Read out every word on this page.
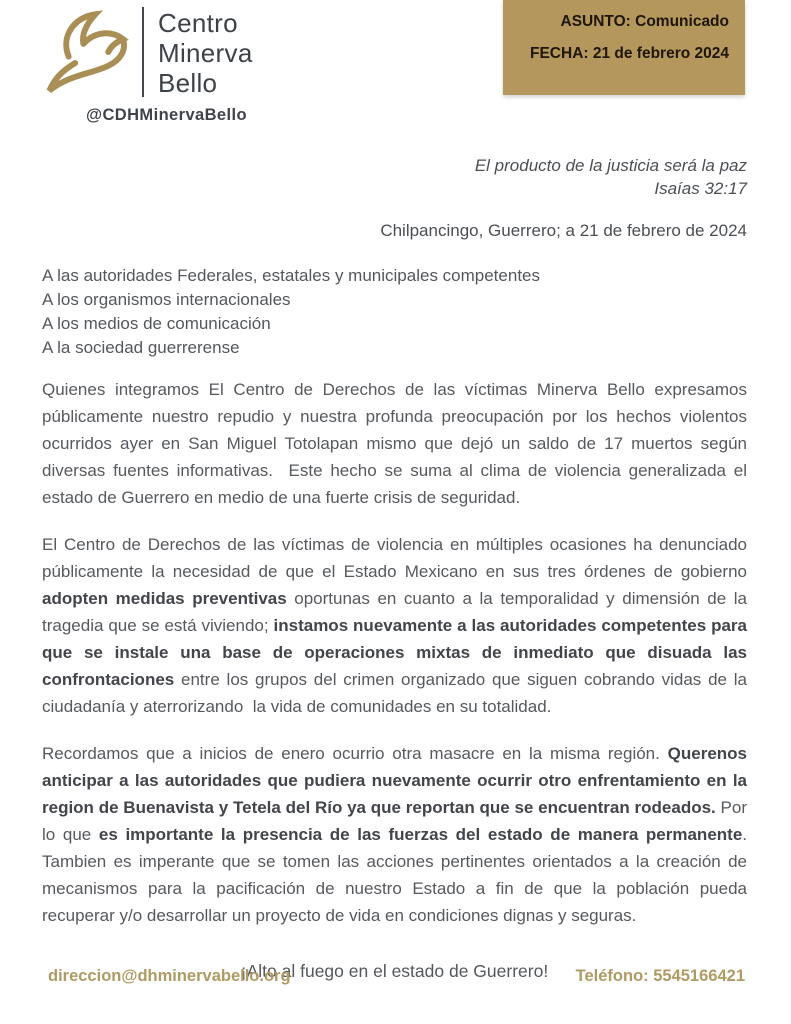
Centro
Minerva
Bello
@CDHMinervaBello
ASUNTO: Comunicado
FECHA: 21 de febrero 2024
El producto de la justicia será la paz
Isaías 32:17
Chilpancingo, Guerrero; a 21 de febrero de 2024
A las autoridades Federales, estatales y municipales competentes
A los organismos internacionales
A los medios de comunicación
A la sociedad guerrerense

Quienes integramos El Centro de Derechos de las víctimas Minerva Bello expresamos públicamente nuestro repudio y nuestra profunda preocupación por los hechos violentos ocurridos ayer en San Miguel Totolapan mismo que dejó un saldo de 17 muertos según diversas fuentes informativas.  Este hecho se suma al clima de violencia generalizada el estado de Guerrero en medio de una fuerte crisis de seguridad.

El Centro de Derechos de las víctimas de violencia en múltiples ocasiones ha denunciado públicamente la necesidad de que el Estado Mexicano en sus tres órdenes de gobierno adopten medidas preventivas oportunas en cuanto a la temporalidad y dimensión de la tragedia que se está viviendo; instamos nuevamente a las autoridades competentes para que se instale una base de operaciones mixtas de inmediato que disuada las confrontaciones entre los grupos del crimen organizado que siguen cobrando vidas de la ciudadanía y aterrorizando  la vida de comunidades en su totalidad.

Recordamos que a inicios de enero ocurrio otra masacre en la misma región. Querenos anticipar a las autoridades que pudiera nuevamente ocurrir otro enfrentamiento en la region de Buenavista y Tetela del Río ya que reportan que se encuentran rodeados. Por lo que es importante la presencia de las fuerzas del estado de manera permanente. Tambien es imperante que se tomen las acciones pertinentes orientados a la creación de mecanismos para la pacificación de nuestro Estado a fin de que la población pueda recuperar y/o desarrollar un proyecto de vida en condiciones dignas y seguras.

¡Alto al fuego en el estado de Guerrero!
direccion@dhminervabello.org	Teléfono: 5545166421
